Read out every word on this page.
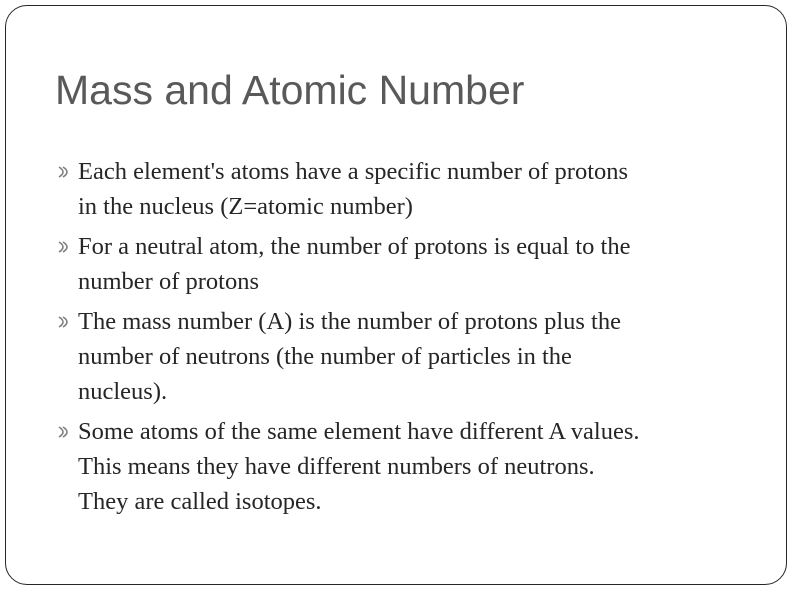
Mass and Atomic Number
Each element's atoms have a specific number of protons
in the nucleus (Z=atomic number)
For a neutral atom, the number of protons is equal to the
number of protons
The mass number (A) is the number of protons plus the
number of neutrons (the number of particles in the
nucleus).
Some atoms of the same element have different A values.
This means they have different numbers of neutrons.
They are called isotopes.
